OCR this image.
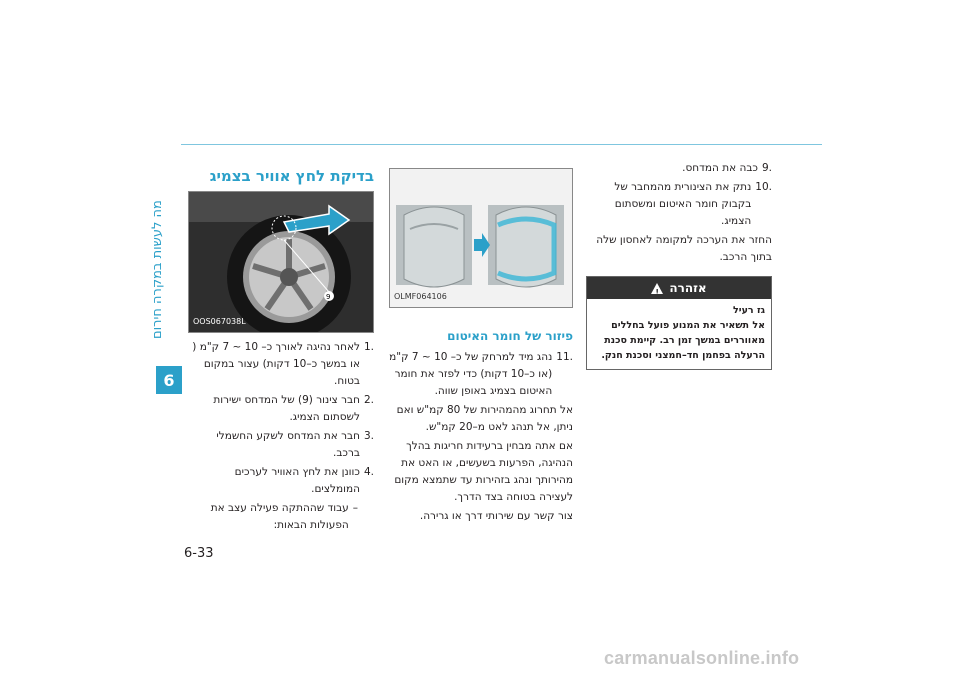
מה לעשות במקרה חירום
6
6-33
בדיקת לחץ אוויר בצמיג
9
OOS067038L
.1
לאחר נהיגה לאורך כ– 10 ~ 7 ק"מ ( או במשך כ–10 דקות) עצור במקום בטוח.
.2
חבר צינור (9) של המדחס ישירות לשסתום הצמיג.
.3
חבר את המדחס לשקע החשמלי ברכב.
.4
כוונן את לחץ האוויר לערכים המומלצים.
–
עבוד שההתקה פעילה עצב את הפעולות הבאות:
OLMF064106
פיזור של חומר האיטום
.11
נהג מיד למרחק של כ– 10 ~ 7 ק"מ (או כ–10 דקות) כדי לפזר את חומר האיטום בצמיג באופן שווה.
אל תחרוג מהמהירות של 80 קמ"ש ואם ניתן, אל תנהג לאט מ–20 קמ"ש.
אם אתה מבחין ברעידות חריגות בהלך הנהיגה, הפרעות בשעשים, או האט את מהירותך ונהג בזהירות עד שתמצא מקום לעצירה בטוחה בצד הדרך.
צור קשר עם שירותי דרך או גרירה.
.9
כבה את המדחס.
.10
נתק את הצינורית מהמחבר של בקבוק חומר האיטום ומשסתום הצמיג.
החזר את הערכה למקומה לאחסון שלה בתוך הרכב.
אזהרה
!
גז רעיל
אל תשאיר את המנוע פועל בחללים מאווררים במשך זמן רב. קיימת סכנת הרעלה בפחמן חד–חמצני וסכנת חנק.
carmanualsonline.info
